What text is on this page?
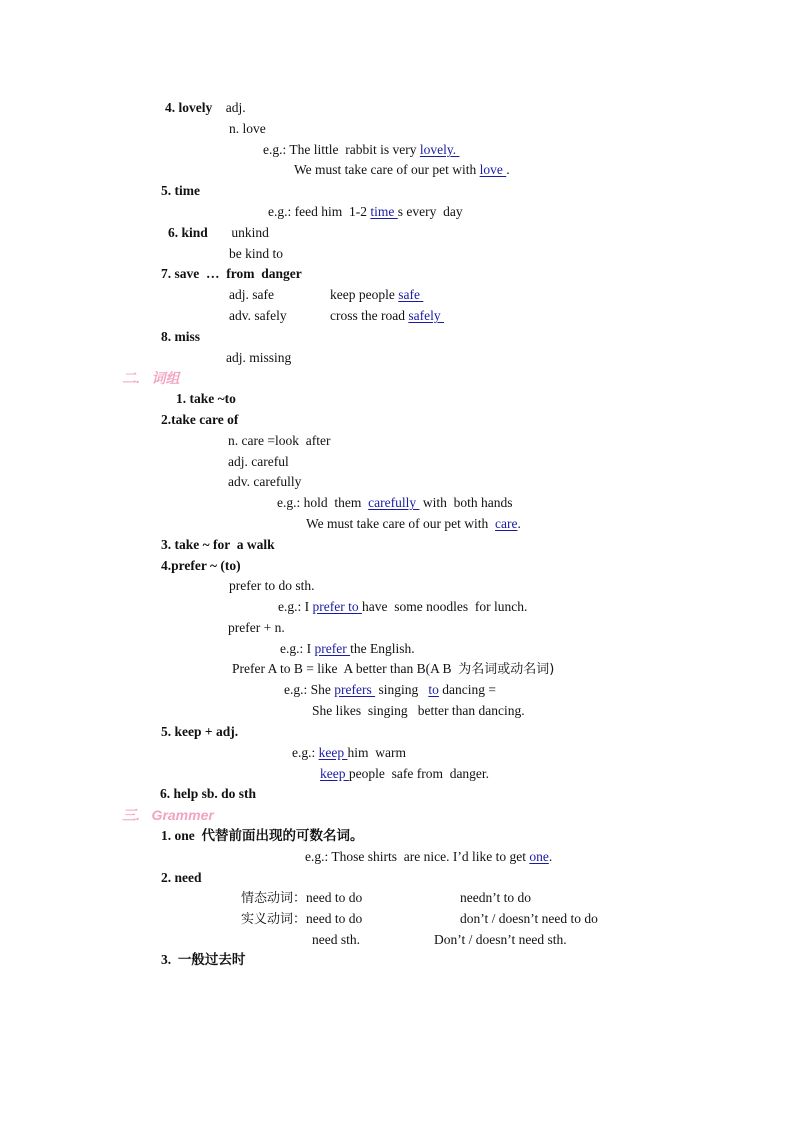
4. lovely adj.
n. love
e.g.: The little  rabbit is very lovely.
We must take care of our pet with love .
5. time
e.g.: feed him  1-2 time s every  day
6. kind unkind
be kind to
7. save … from  danger
adj. safe	keep people safe
adv. safely	cross the road safely
8. miss
adj. missing
二.   词组
1. take ~to
2.take care of
n. care =look  after
adj. careful
adv. carefully
e.g.: hold  them  carefully  with  both hands
We must take care of our pet with  care.
3. take ~ for  a walk
4.prefer ~ (to)
prefer to do sth.
e.g.: I prefer to have  some noodles  for lunch.
prefer + n.
e.g.: I prefer the English.
Prefer A to B = like  A better than B(A B  为名词或动名词)
e.g.: She prefers  singing   to dancing =
She likes  singing   better than dancing.
5. keep + adj.
e.g.: keep him  warm
keep people  safe from  danger.
6. help sb. do sth
三.   Grammer
1. one 代替前面出现的可数名词。
e.g.: Those shirts  are nice. I’d like to get one.
2. need
情态动词：need to do	needn’t to do
实义动词：need to do	don’t / doesn’t need to do
need sth.	Don’t / doesn’t need sth.
3. 一般过去时
